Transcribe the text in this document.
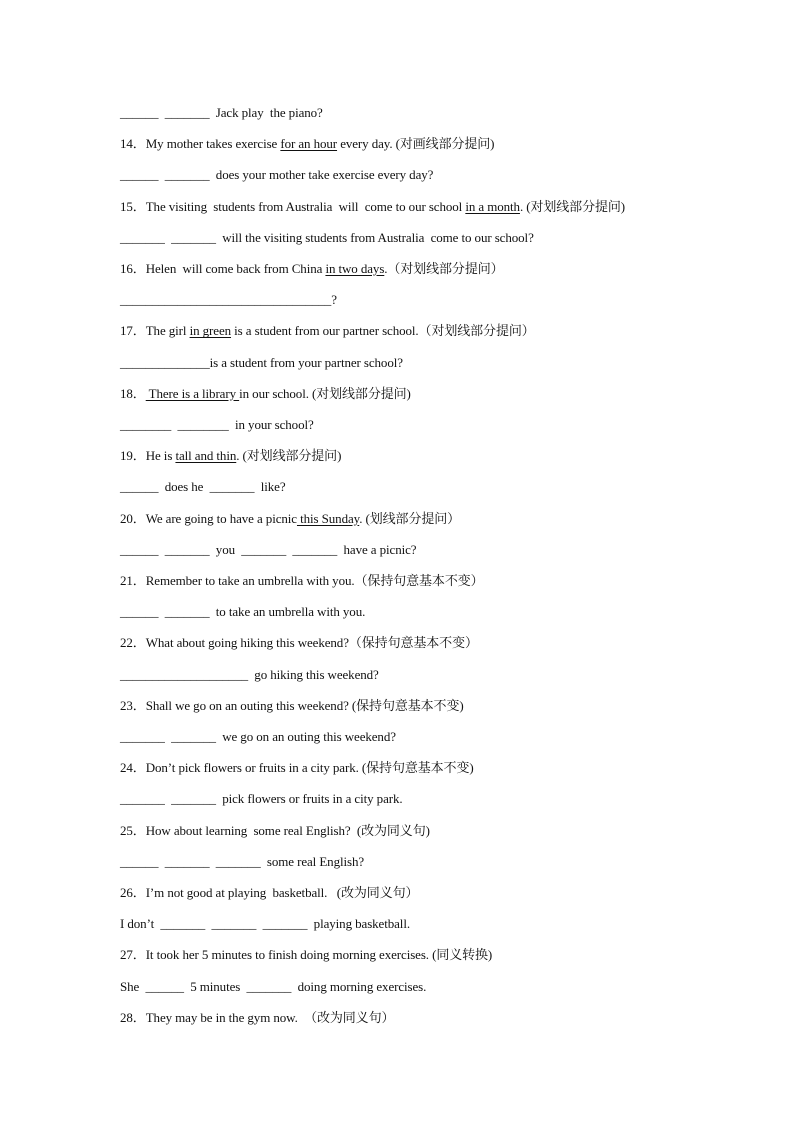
______  _______  Jack play  the piano?
14．My mother takes exercise for an hour every day. (对画线部分提问)
______  _______  does your mother take exercise every day?
15．The visiting  students from Australia  will  come to our school in a month. (对划线部分提问)
_______  _______  will the visiting students from Australia  come to our school?
16．Helen  will come back from China in two days.（对划线部分提问）
_________________________________?
17．The girl in green is a student from our partner school.（对划线部分提问）
______________is a student from your partner school?
18． There is a library in our school. (对划线部分提问)
________  ________  in your school?
19．He is tall and thin. (对划线部分提问)
______  does he  _______  like?
20．We are going to have a picnic this Sunday. (划线部分提问）
______  _______  you  _______  _______  have a picnic?
21．Remember to take an umbrella with you.（保持句意基本不变）
______  _______  to take an umbrella with you.
22．What about going hiking this weekend?（保持句意基本不变）
____________________  go hiking this weekend?
23．Shall we go on an outing this weekend? (保持句意基本不变)
_______  _______  we go on an outing this weekend?
24．Don’t pick flowers or fruits in a city park. (保持句意基本不变)
_______  _______  pick flowers or fruits in a city park.
25．How about learning  some real English?  (改为同义句)
______  _______  _______  some real English?
26．I’m not good at playing  basketball.   (改为同义句）
I don’t  _______  _______  _______  playing basketball.
27．It took her 5 minutes to finish doing morning exercises. (同义转换)
She  ______  5 minutes  _______  doing morning exercises.
28．They may be in the gym now.  （改为同义句）
